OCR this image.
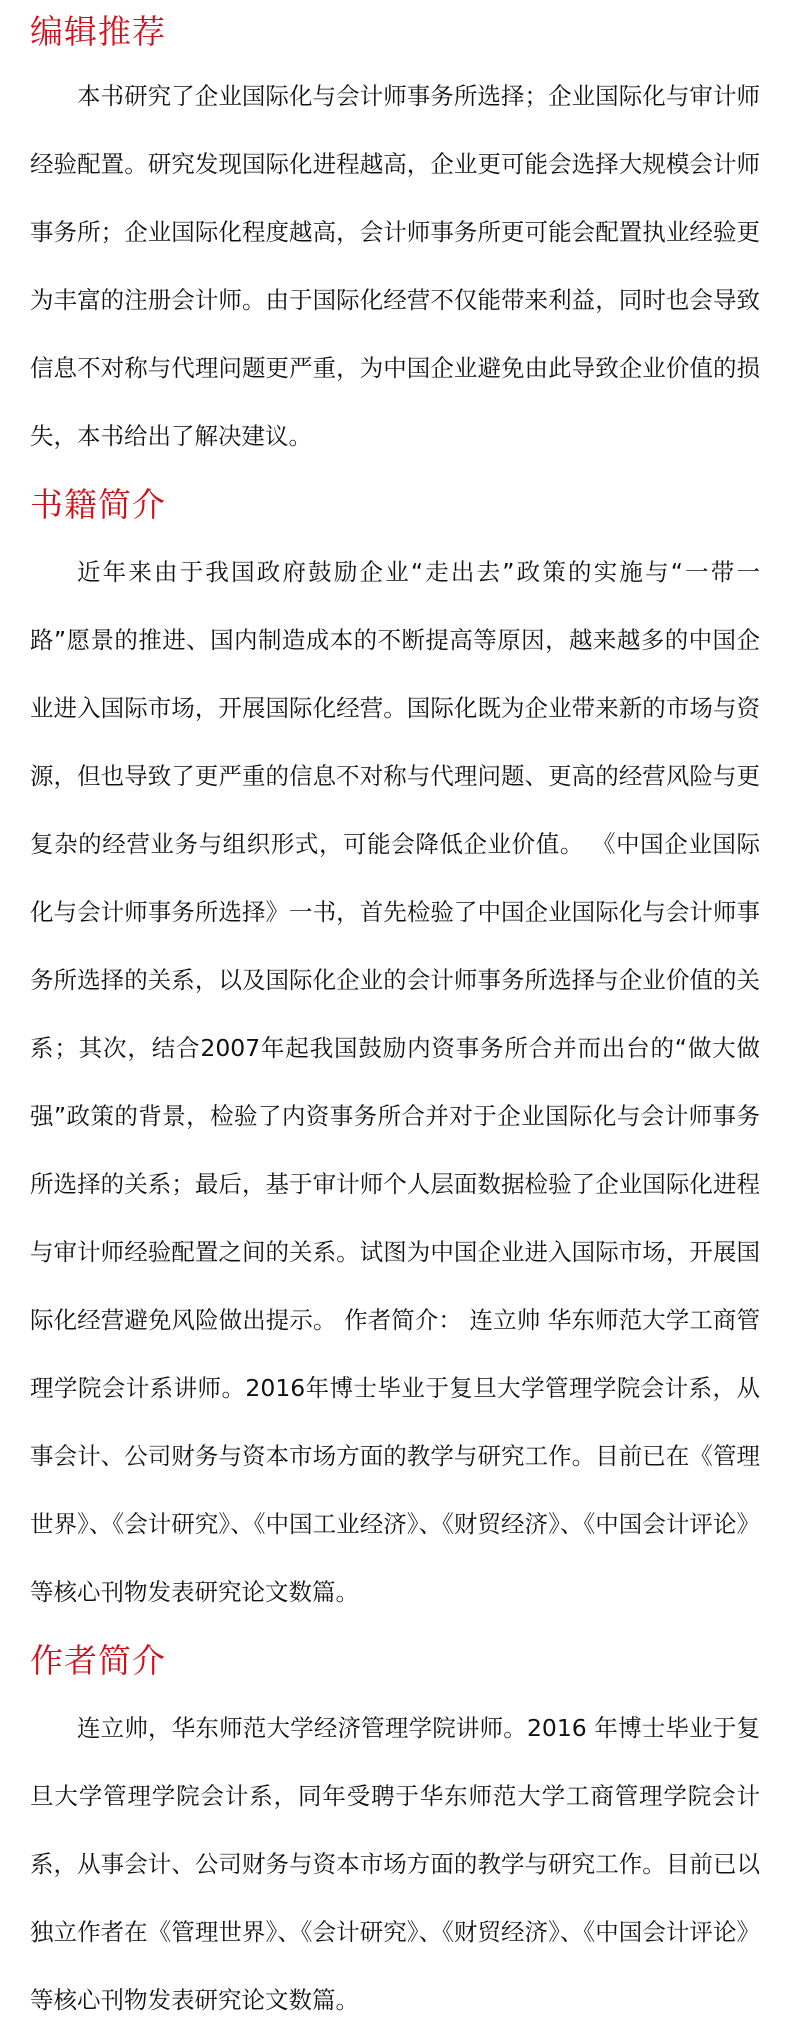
编辑推荐

本书研究了企业国际化与会计师事务所选择；企业国际化与审计师经验配置。研究发现国际化进程越高，企业更可能会选择大规模会计师事务所；企业国际化程度越高，会计师事务所更可能会配置执业经验更为丰富的注册会计师。由于国际化经营不仅能带来利益，同时也会导致信息不对称与代理问题更严重，为中国企业避免由此导致企业价值的损失，本书给出了解决建议。

书籍简介

近年来由于我国政府鼓励企业“走出去”政策的实施与“一带一路”愿景的推进、国内制造成本的不断提高等原因，越来越多的中国企业进入国际市场，开展国际化经营。国际化既为企业带来新的市场与资源，但也导致了更严重的信息不对称与代理问题、更高的经营风险与更复杂的经营业务与组织形式，可能会降低企业价值。 《中国企业国际化与会计师事务所选择》一书，首先检验了中国企业国际化与会计师事务所选择的关系，以及国际化企业的会计师事务所选择与企业价值的关系；其次，结合2007年起我国鼓励内资事务所合并而出台的“做大做强”政策的背景，检验了内资事务所合并对于企业国际化与会计师事务所选择的关系；最后，基于审计师个人层面数据检验了企业国际化进程与审计师经验配置之间的关系。试图为中国企业进入国际市场，开展国际化经营避免风险做出提示。 作者简介： 连立帅 华东师范大学工商管理学院会计系讲师。2016年博士毕业于复旦大学管理学院会计系，从事会计、公司财务与资本市场方面的教学与研究工作。目前已在《管理世界》、《会计研究》、《中国工业经济》、《财贸经济》、《中国会计评论》等核心刊物发表研究论文数篇。

作者简介

连立帅，华东师范大学经济管理学院讲师。2016 年博士毕业于复旦大学管理学院会计系，同年受聘于华东师范大学工商管理学院会计系，从事会计、公司财务与资本市场方面的教学与研究工作。目前已以独立作者在《管理世界》、《会计研究》、《财贸经济》、《中国会计评论》等核心刊物发表研究论文数篇。
